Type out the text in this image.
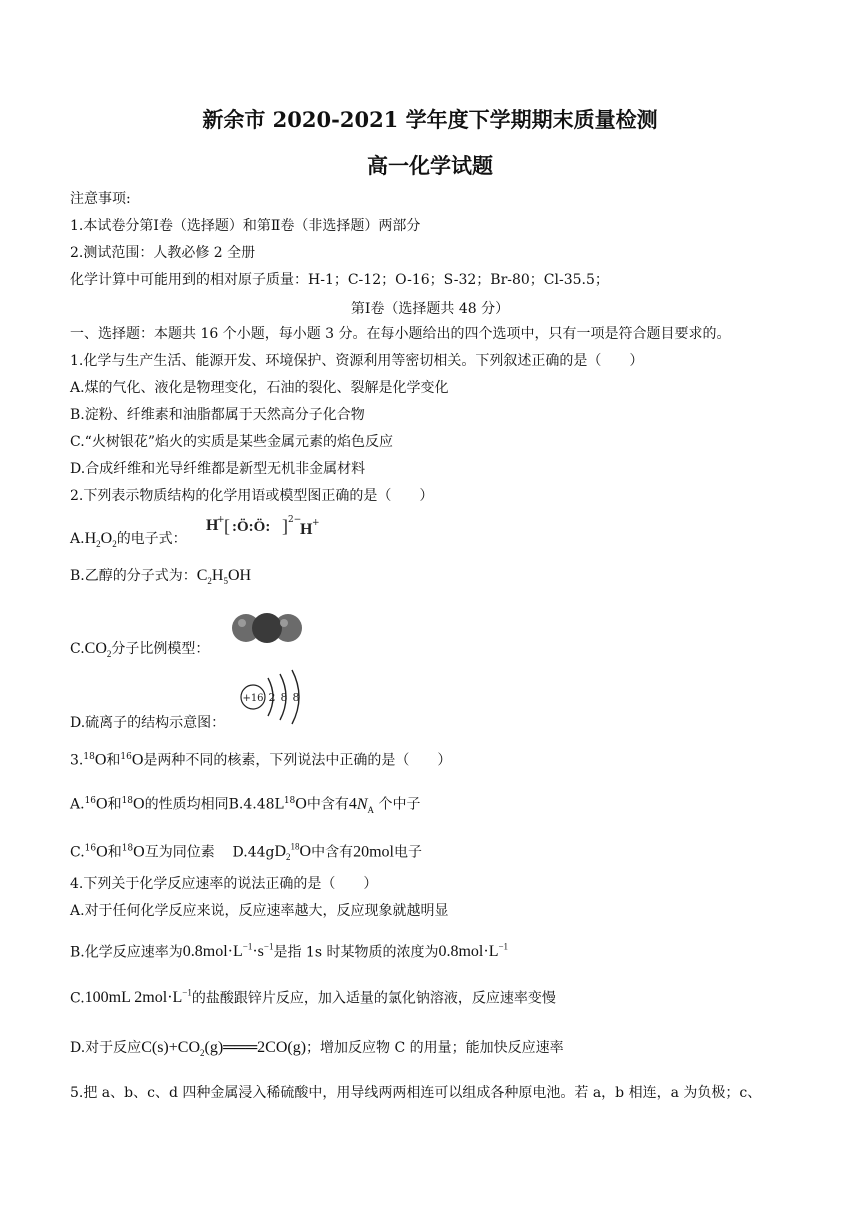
新余市 2020-2021 学年度下学期期末质量检测
高一化学试题
注意事项:
1.本试卷分第Ⅰ卷（选择题）和第Ⅱ卷（非选择题）两部分
2.测试范围：人教必修 2 全册
化学计算中可能用到的相对原子质量：H-1；C-12；O-16；S-32；Br-80；Cl-35.5；
第Ⅰ卷（选择题共 48 分）
一、选择题：本题共 16 个小题，每小题 3 分。在每小题给出的四个选项中，只有一项是符合题目要求的。
1.化学与生产生活、能源开发、环境保护、资源利用等密切相关。下列叙述正确的是（　　）
A.煤的气化、液化是物理变化，石油的裂化、裂解是化学变化
B.淀粉、纤维素和油脂都属于天然高分子化合物
C.“火树银花”焰火的实质是某些金属元素的焰色反应
D.合成纤维和光导纤维都是新型无机非金属材料
2.下列表示物质结构的化学用语或模型图正确的是（　　）
$A.H_2O_2$的电子式：
H
+ [ :Ö:Ö: ] 2−
H +
B.乙醇的分子式为：$C_2H_5OH$
$C.CO_2$分子比例模型：
D.硫离子的结构示意图：
+16 2 8 8
3.18O和$^{16}$O是两种不同的核素，下列说法中正确的是（　　）
A.$^{16}$O和$^{18}$O的性质均相同$B.4.48L^{18}O$中含有$4N_A$ 个中子
C.$^{16}$O和$^{18}$O互为同位素 $D.44gD_2^{18}O$中含有20mol电子
4.下列关于化学反应速率的说法正确的是（　　）
A.对于任何化学反应来说，反应速率越大，反应现象就越明显
B.化学反应速率为$0.8mol\cdot L^{-1}\cdot s^{-1}$是指 1s 时某物质的浓度为$0.8mol\cdot L^{-1}$
C.100mL $2mol\cdot L^{-1}$的盐酸跟锌片反应，加入适量的氯化钠溶液，反应速率变慢
D.对于反应$C(s)+CO_2(g)═══2CO(g)$；增加反应物 C 的用量；能加快反应速率
5.把 a、b、c、d 四种金属浸入稀硫酸中，用导线两两相连可以组成各种原电池。若 a，b 相连，a 为负极；c、
